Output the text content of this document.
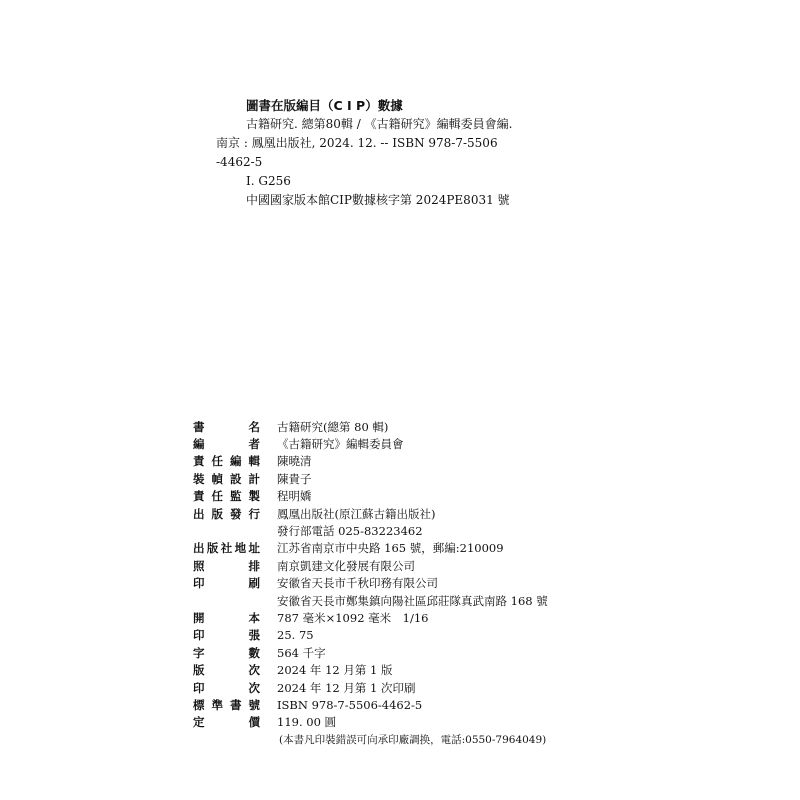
圖書在版編目（C I P）數據
古籍研究. 總第80輯 / 《古籍研究》編輯委員會編.
南京 : 鳳凰出版社, 2024. 12. -- ISBN 978-7-5506
-4462-5
Ⅰ. G256
中國國家版本館CIP數據核字第 2024PE8031 號
書	名 古籍研究(總第 80 輯)
編	者 《古籍研究》編輯委員會
責 任 編 輯 陳曉清
裝 幀 設 計 陳貴子
責 任 監 製 程明嬌
出 版 發 行 鳳凰出版社(原江蘇古籍出版社)
發行部電話 025-83223462
出 版 社 地 址 江苏省南京市中央路 165 號，郵編:210009
照	排 南京凱建文化發展有限公司
印	刷 安徽省天長市千秋印務有限公司
安徽省天長市鄭集鎮向陽社區邱莊隊真武南路 168 號
開	本 787 毫米×1092 毫米　1/16
印	張 25. 75
字	數 564 千字
版	次 2024 年 12 月第 1 版
印	次 2024 年 12 月第 1 次印刷
標 準 書 號 ISBN 978-7-5506-4462-5
定	價 119. 00 圓
(本書凡印裝錯誤可向承印廠調换，電話:0550-7964049)
